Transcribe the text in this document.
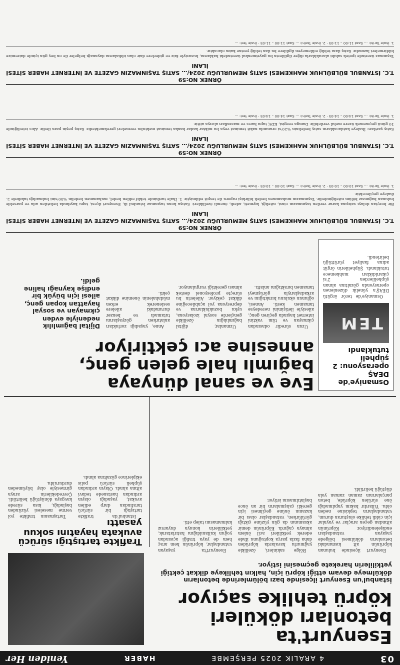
03
4 ARALIK 2025 PERŞEMBE
HABER
Yeniden Her
Esenyurt'ta
betonları döküleri
köprü tehlike saçıyor
İstanbul'un Esenyurt ilçesinde bazı bölümlerinde betonların dökülmeye devam ettiği köprü için, halkın tehlikeye dikkat çektiği yetkililerin harekete geçmesini istiyor.

Esenyurt ilçesinde bulunan köprünün alt kısmındaki betonların dökülmesi bölgede yaşayan vatandaşları endişelendiriyor. Köprünün altından geçen araçlar ve yayalar için ciddi tehlike oluşturan durum, vatandaşların tepkisine neden oldu. Yıllardır bakım yapılmadığı öne sürülen köprüde, beton parçalarının zaman zaman yola düştüğü belirtildi.

Bölge sakinleri, özellikle yağmurlu havalarda köprüden daha fazla parça koptuğunu ifade ederek yetkilileri acil önlem almaya çağırdı. Köprünün demir aksamının da gün yüzüne çıktığı görülürken, vatandaşlar olası bir kazanın önüne geçilmesi için gerekli çalışmaların bir an önce başlatılmasını istiyor.

Esenyurt'ta yaşayan vatandaşlar, köprünün hem araç hem de yaya trafiği açısından yoğun kullanıldığını hatırlatarak, yetkililerin konuya duyarsız kalmamasını talep etti.

Trafikte tartıştığı sürücü avukata hayatını sokuu yasattı

İstanbul'da trafikte tartıştığı bir sürücü tarafından darp edilen avukat, yaşadığı olayın ardından hastanede tedavi altına alındı. Olayın ardından şüpheli sürücü polis ekiplerince gözaltına alındı.

Tartışmanın trafikte yol verme meselesi yüzünden başladığı, kısa sürede kavgaya dönüştüğü belirtildi. Çevredekilerin araya girmesiyle olay büyümeden durduruldu.

Eve ve sanal dünyaya
bağımlı hale gelen genç,
annesine acı çektiriyor
Osmaniye'de DEAŞ operasyonu: 2 şüpheli tutuklandı
TEM

Osmaniye'de terör örgütü DEAŞ'a yönelik düzenlenen operasyonda gözaltına alınan şüphelilerden 2'si çıkarıldıkları mahkemece tutuklandı. Şüphelilerin örgüt adına faaliyet yürüttüğü belirlendi.

Dijital bağımlılık nedeniyle evden çıkmayan ve sosyal hayattan kopan genç, ailesi için büyük bir endişe kaynağı haline geldi.

Uzun süredir odasından çıkmayan ve tüm vaktini internet başında geçiren genç, ailesiyle iletişimini neredeyse tamamen kesti. Annesi, oğlunun okulunu bıraktığını ve arkadaşlarıyla görüşmeyi tamamen bıraktığını anlattı.

Uzmanlar, dijital bağımlılığın özellikle gençlerde sosyal izolasyona, uyku bozukluklarına ve depresyona yol açabileceğine dikkat çekiyor. Ailelerin bu süreçte profesyonel destek alması gerektiği vurgulanıyor.

Anne, yaşadığı zorlukları anlatırken gözyaşlarını tutamadı ve benzer durumdaki ailelere seslenerek erken müdahalenin önemine dikkat çekti.

ÖRNEK NO:59
T.C. İSTANBUL BÜLBÜLHUK MAHKEMESİ SATIŞ MEMURLUĞU 2024/… SATIŞ TAŞINMAZIN GAZETE VE İNTERNET HABER SİTESİ İLANI
Bir borçtan dolayı satışına karar verilen taşınmazın cinsi, niteliği, kıymeti, adedi, önemli özellikleri: Satışa konu taşınmaz İstanbul ili, Esenyurt ilçesi, tapu kaydında belirtilen ada ve parselde bulunan bağımsız bölüm niteliğindedir. Taşınmazın muhammen bedeli bilirkişi raporu ile tespit edilmiştir. 1. İhale tarihinde teklif edilen bedel, muhammen bedelin %50'sini bulmadığı takdirde 2. ihaleye geçilecektir.
1. İhale Tarihi: … Saat 10:00 – 10:05 · 2. İhale Tarihi: … Saat 10:00 – 10:05 · İhale Yeri: …
ÖRNEK NO:59
T.C. İSTANBUL BÜLBÜLHUK MAHKEMESİ SATIŞ MEMURLUĞU 2024/… SATIŞ TAŞINMAZIN GAZETE VE İNTERNET HABER SİTESİ İLANI
Satış şartları: İhaleye katılacakların satış bedelinin %20'si oranında nakit teminat veya bu miktar kadar banka teminat mektubu vermeleri gerekmektedir. Satış peşin para iledir. Alıcı istediğinde 10 günü geçmemek üzere mehil verilebilir. Damga vergisi, KDV, tapu harcı ve masrafları alıcıya aittir.
1. İhale Tarihi: … Saat 14:00 – 14:05 · 2. İhale Tarihi: … Saat 14:00 – 14:05 · İhale Yeri: …
ÖRNEK NO:59
T.C. İSTANBUL BÜLBÜLHUK MAHKEMESİ SATIŞ MEMURLUĞU 2024/… SATIŞ TAŞINMAZIN GAZETE VE İNTERNET HABER SİTESİ İLANI
Taşınmaz üzerinde ipotek sahibi alacaklılarla diğer ilgililerin bu gayrimenkul üzerindeki haklarını, hususiyle faiz ve giderlere dair olan iddialarını dayanağı belgeler ile on beş gün içinde dairemize bildirmeleri lazımdır. Satış ilanı tebliğ edilemeyen ilgililere bu ilan tebliğ yerine kaim olacaktır.
1. İhale Tarihi: … Saat 11:00 – 11:05 · 2. İhale Tarihi: … Saat 11:00 – 11:05 · İhale Yeri: …
